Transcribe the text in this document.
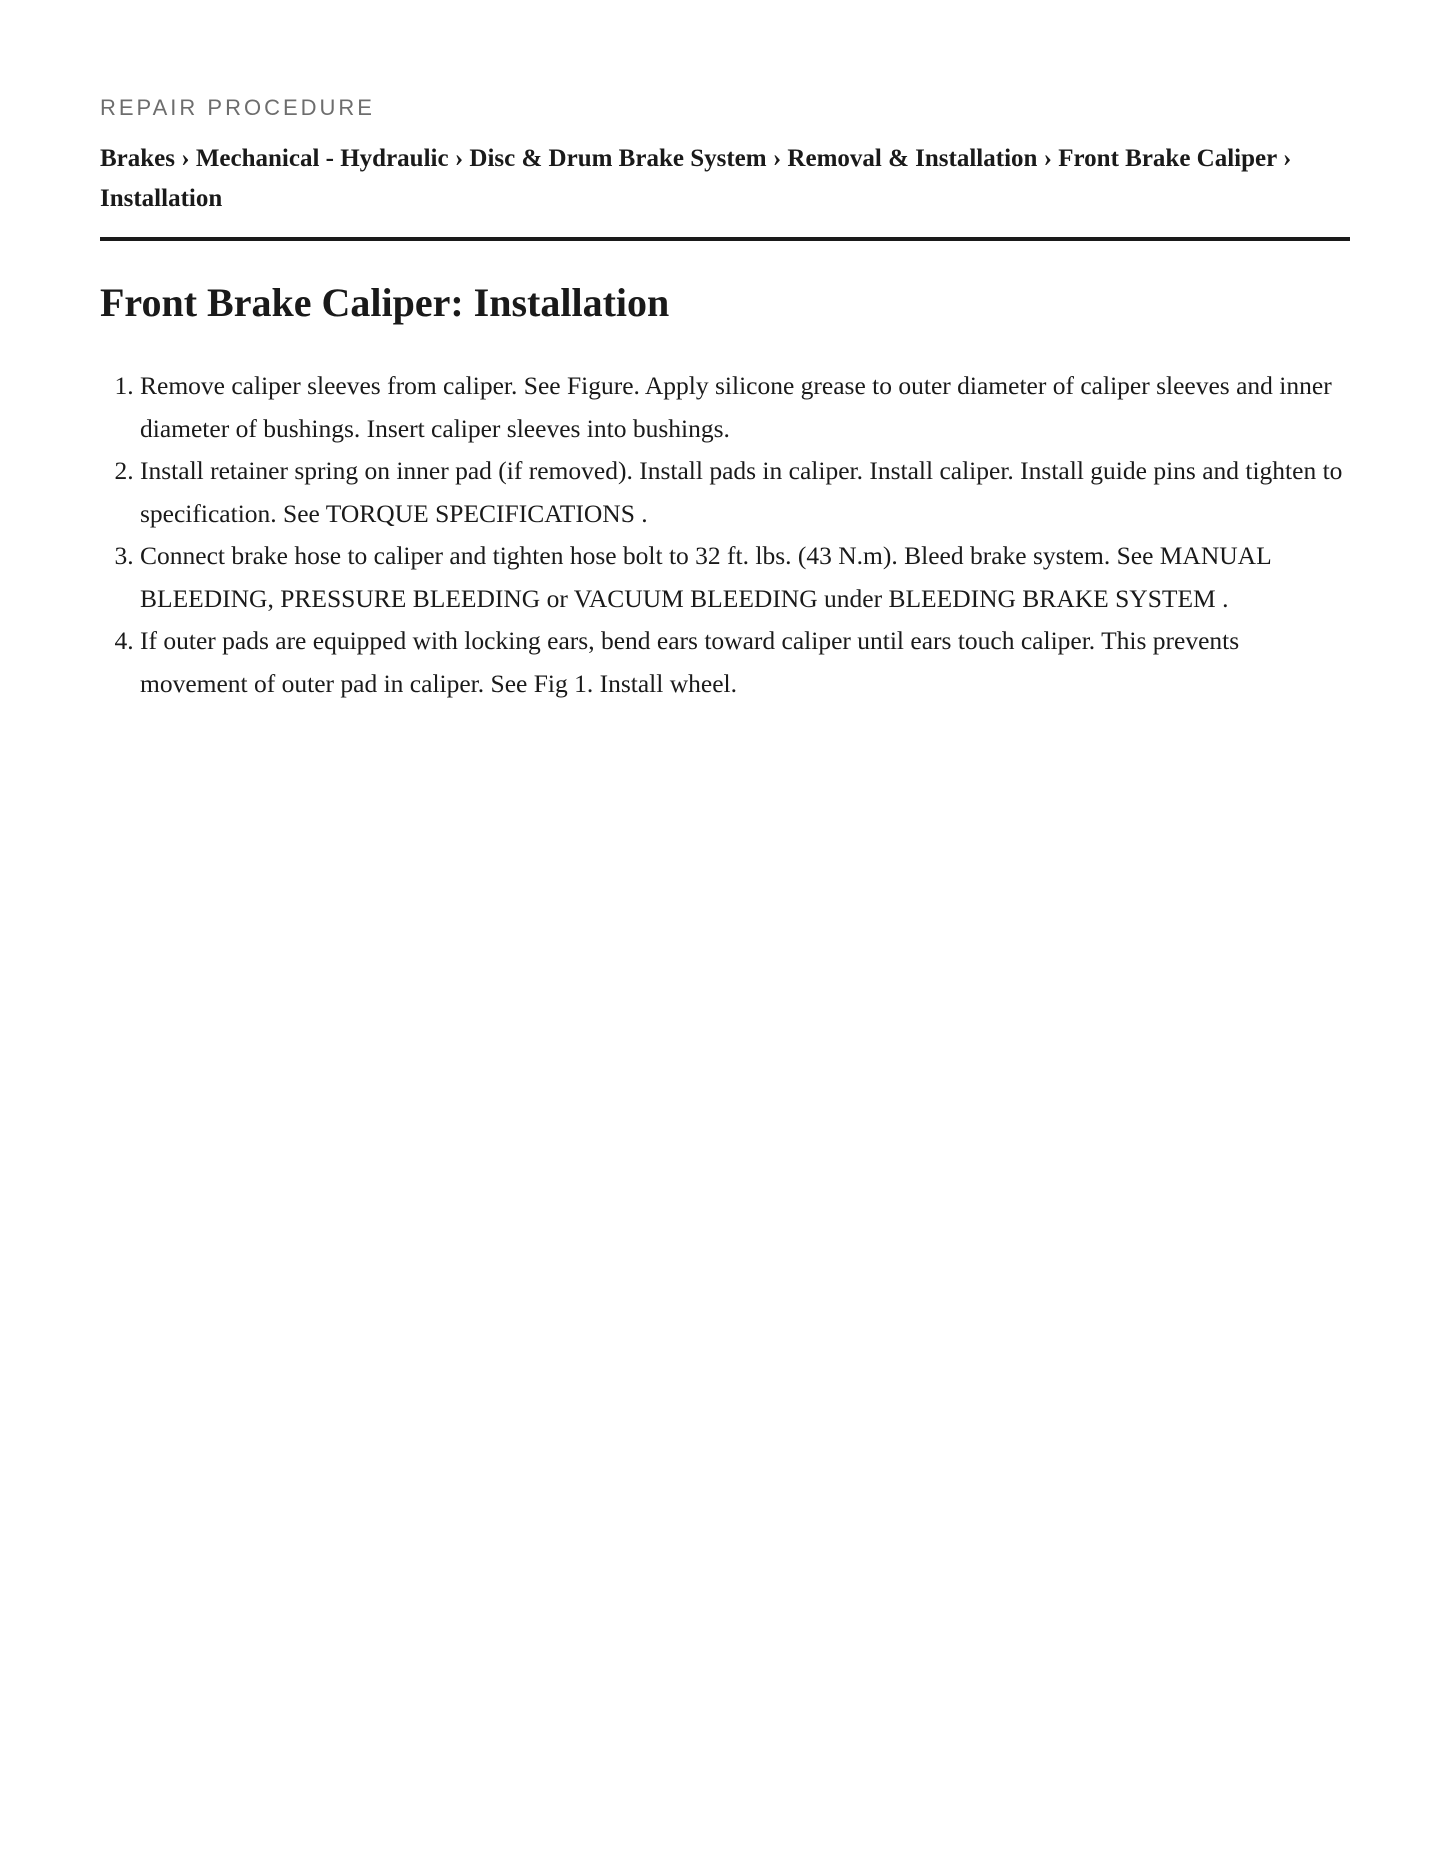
REPAIR PROCEDURE
Brakes › Mechanical - Hydraulic › Disc & Drum Brake System › Removal & Installation › Front Brake Caliper › Installation
Front Brake Caliper: Installation
1. Remove caliper sleeves from caliper. See Figure. Apply silicone grease to outer diameter of caliper sleeves and inner diameter of bushings. Insert caliper sleeves into bushings.
2. Install retainer spring on inner pad (if removed). Install pads in caliper. Install caliper. Install guide pins and tighten to specification. See TORQUE SPECIFICATIONS .
3. Connect brake hose to caliper and tighten hose bolt to 32 ft. lbs. (43 N.m). Bleed brake system. See MANUAL BLEEDING, PRESSURE BLEEDING or VACUUM BLEEDING under BLEEDING BRAKE SYSTEM .
4. If outer pads are equipped with locking ears, bend ears toward caliper until ears touch caliper. This prevents movement of outer pad in caliper. See Fig 1. Install wheel.
